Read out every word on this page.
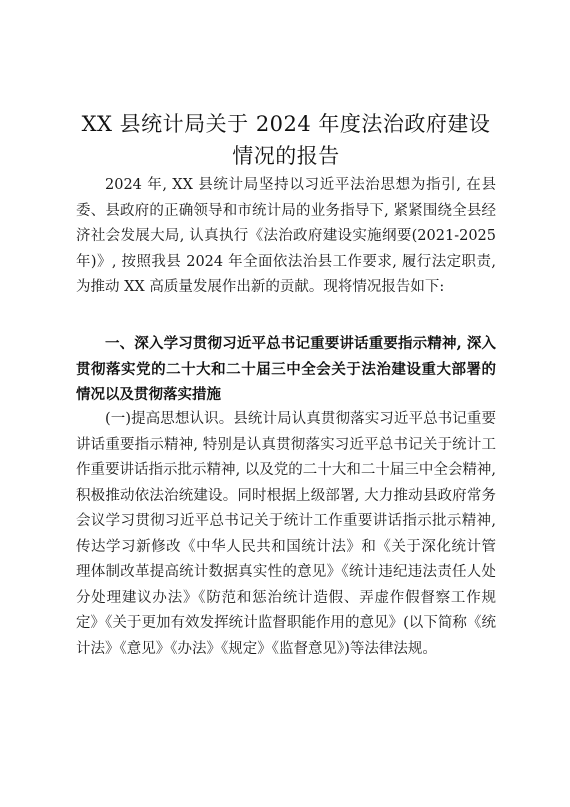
XX 县统计局关于 2024 年度法治政府建设情况的报告

2024 年, XX 县统计局坚持以习近平法治思想为指引, 在县委、县政府的正确领导和市统计局的业务指导下, 紧紧围绕全县经济社会发展大局, 认真执行《法治政府建设实施纲要(2021-2025 年)》, 按照我县 2024 年全面依法治县工作要求, 履行法定职责, 为推动 XX 高质量发展作出新的贡献。现将情况报告如下:

一、深入学习贯彻习近平总书记重要讲话重要指示精神, 深入贯彻落实党的二十大和二十届三中全会关于法治建设重大部署的情况以及贯彻落实措施

(一)提高思想认识。县统计局认真贯彻落实习近平总书记重要讲话重要指示精神, 特别是认真贯彻落实习近平总书记关于统计工作重要讲话指示批示精神, 以及党的二十大和二十届三中全会精神, 积极推动依法治统建设。同时根据上级部署, 大力推动县政府常务会议学习贯彻习近平总书记关于统计工作重要讲话指示批示精神, 传达学习新修改《中华人民共和国统计法》和《关于深化统计管理体制改革提高统计数据真实性的意见》《统计违纪违法责任人处分处理建议办法》《防范和惩治统计造假、弄虚作假督察工作规定》《关于更加有效发挥统计监督职能作用的意见》(以下简称《统计法》《意见》《办法》《规定》《监督意见》)等法律法规。
